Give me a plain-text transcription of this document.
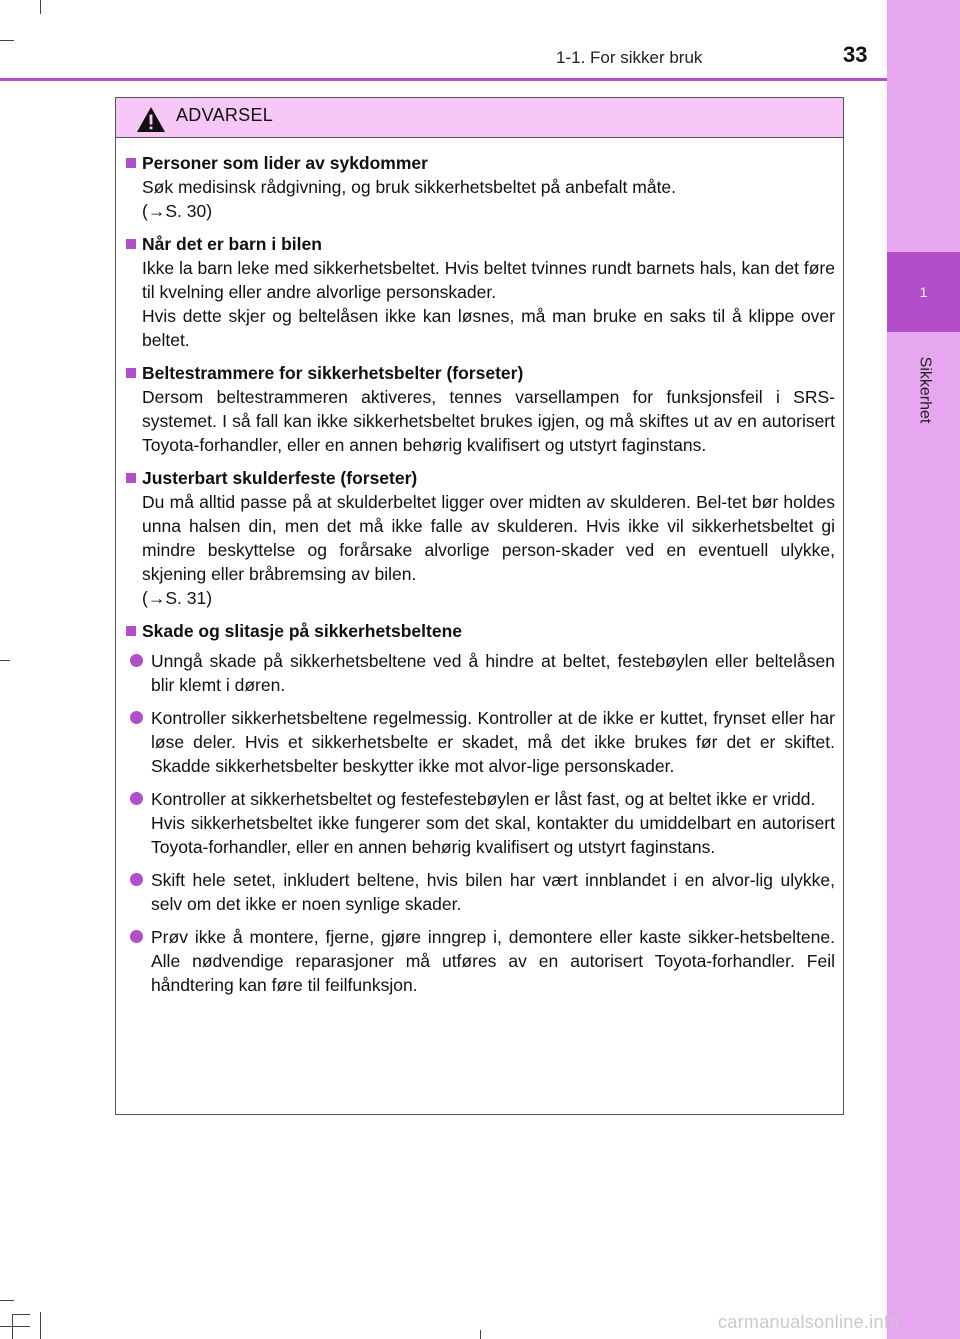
1
Sikkerhet
1-1. For sikker bruk	33
ADVARSEL
Personer som lider av sykdommer
Søk medisinsk rådgivning, og bruk sikkerhetsbeltet på anbefalt måte.
(→S. 30)
Når det er barn i bilen
Ikke la barn leke med sikkerhetsbeltet. Hvis beltet tvinnes rundt barnets hals, kan det føre til kvelning eller andre alvorlige personskader.
Hvis dette skjer og beltelåsen ikke kan løsnes, må man bruke en saks til å klippe over beltet.
Beltestrammere for sikkerhetsbelter (forseter)
Dersom beltestrammeren aktiveres, tennes varsellampen for funksjonsfeil i SRS-systemet. I så fall kan ikke sikkerhetsbeltet brukes igjen, og må skiftes ut av en autorisert Toyota-forhandler, eller en annen behørig kvalifisert og utstyrt faginstans.
Justerbart skulderfeste (forseter)
Du må alltid passe på at skulderbeltet ligger over midten av skulderen. Bel-tet bør holdes unna halsen din, men det må ikke falle av skulderen. Hvis ikke vil sikkerhetsbeltet gi mindre beskyttelse og forårsake alvorlige person-skader ved en eventuell ulykke, skjening eller bråbremsing av bilen.
(→S. 31)
Skade og slitasje på sikkerhetsbeltene
Unngå skade på sikkerhetsbeltene ved å hindre at beltet, festebøylen eller beltelåsen blir klemt i døren.
Kontroller sikkerhetsbeltene regelmessig. Kontroller at de ikke er kuttet, frynset eller har løse deler. Hvis et sikkerhetsbelte er skadet, må det ikke brukes før det er skiftet. Skadde sikkerhetsbelter beskytter ikke mot alvor-lige personskader.
Kontroller at sikkerhetsbeltet og festefestebøylen er låst fast, og at beltet ikke er vridd.
Hvis sikkerhetsbeltet ikke fungerer som det skal, kontakter du umiddelbart en autorisert Toyota-forhandler, eller en annen behørig kvalifisert og utstyrt faginstans.
Skift hele setet, inkludert beltene, hvis bilen har vært innblandet i en alvor-lig ulykke, selv om det ikke er noen synlige skader.
Prøv ikke å montere, fjerne, gjøre inngrep i, demontere eller kaste sikker-hetsbeltene. Alle nødvendige reparasjoner må utføres av en autorisert Toyota-forhandler. Feil håndtering kan føre til feilfunksjon.
carmanualsonline.info
